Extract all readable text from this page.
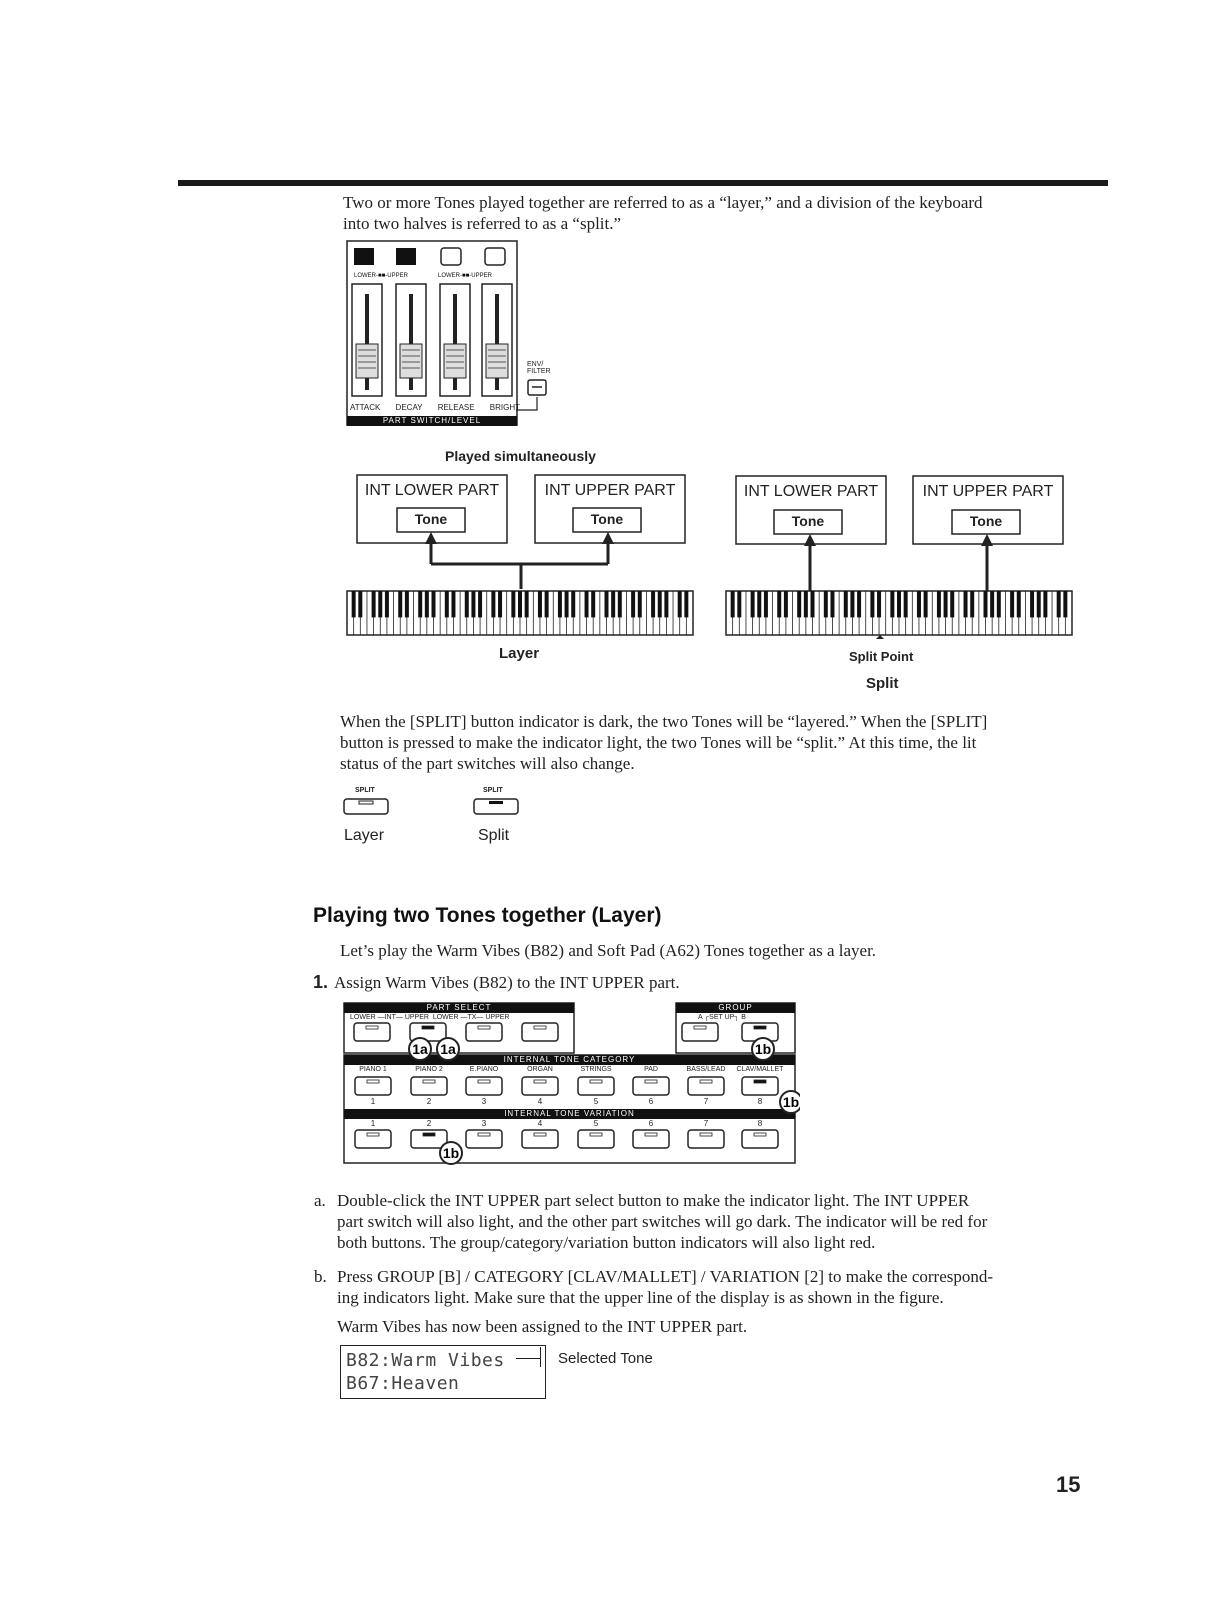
Two or more Tones played together are referred to as a “layer,” and a division of the keyboard
into two halves is referred to as a “split.”
LOWER-■■-UPPER	LOWER-■■-UPPER
ENV/ FILTER
ATTACK DECAY RELEASE BRIGHT
PART SWITCH/LEVEL
Played simultaneously
INT LOWER PART	INT UPPER PART
Tone	Tone
INT LOWER PART	INT UPPER PART
Tone	Tone
Layer	Split Point
Split
When the [SPLIT] button indicator is dark, the two Tones will be “layered.” When the [SPLIT]
button is pressed to make the indicator light, the two Tones will be “split.” At this time, the lit
status of the part switches will also change.
SPLIT
Layer
SPLIT
Split
Playing two Tones together (Layer)
Let’s play the Warm Vibes (B82) and Soft Pad (A62) Tones together as a layer.
1. Assign Warm Vibes (B82) to the INT UPPER part.
1a 1a	1b
1b
1b
PART SELECT
LOWER —INT— UPPER  LOWER —TX— UPPER
GROUP
A ┌SET UP┐ B
INTERNAL TONE CATEGORY
INTERNAL TONE VARIATION
PIANO 1	PIANO 2	E.PIANO	ORGAN	STRINGS	PAD	BASS/LEAD	CLAV/MALLET
1	2	3	4	5	6	7	8
1	2	3	4	5	6	7	8
a. Double-click the INT UPPER part select button to make the indicator light. The INT UPPER
part switch will also light, and the other part switches will go dark. The indicator will be red for
both buttons. The group/category/variation button indicators will also light red.
b. Press GROUP [B] / CATEGORY [CLAV/MALLET] / VARIATION [2] to make the correspond-
ing indicators light. Make sure that the upper line of the display is as shown in the figure.
Warm Vibes has now been assigned to the INT UPPER part.
B82:Warm Vibes
B67:Heaven
Selected Tone
15
